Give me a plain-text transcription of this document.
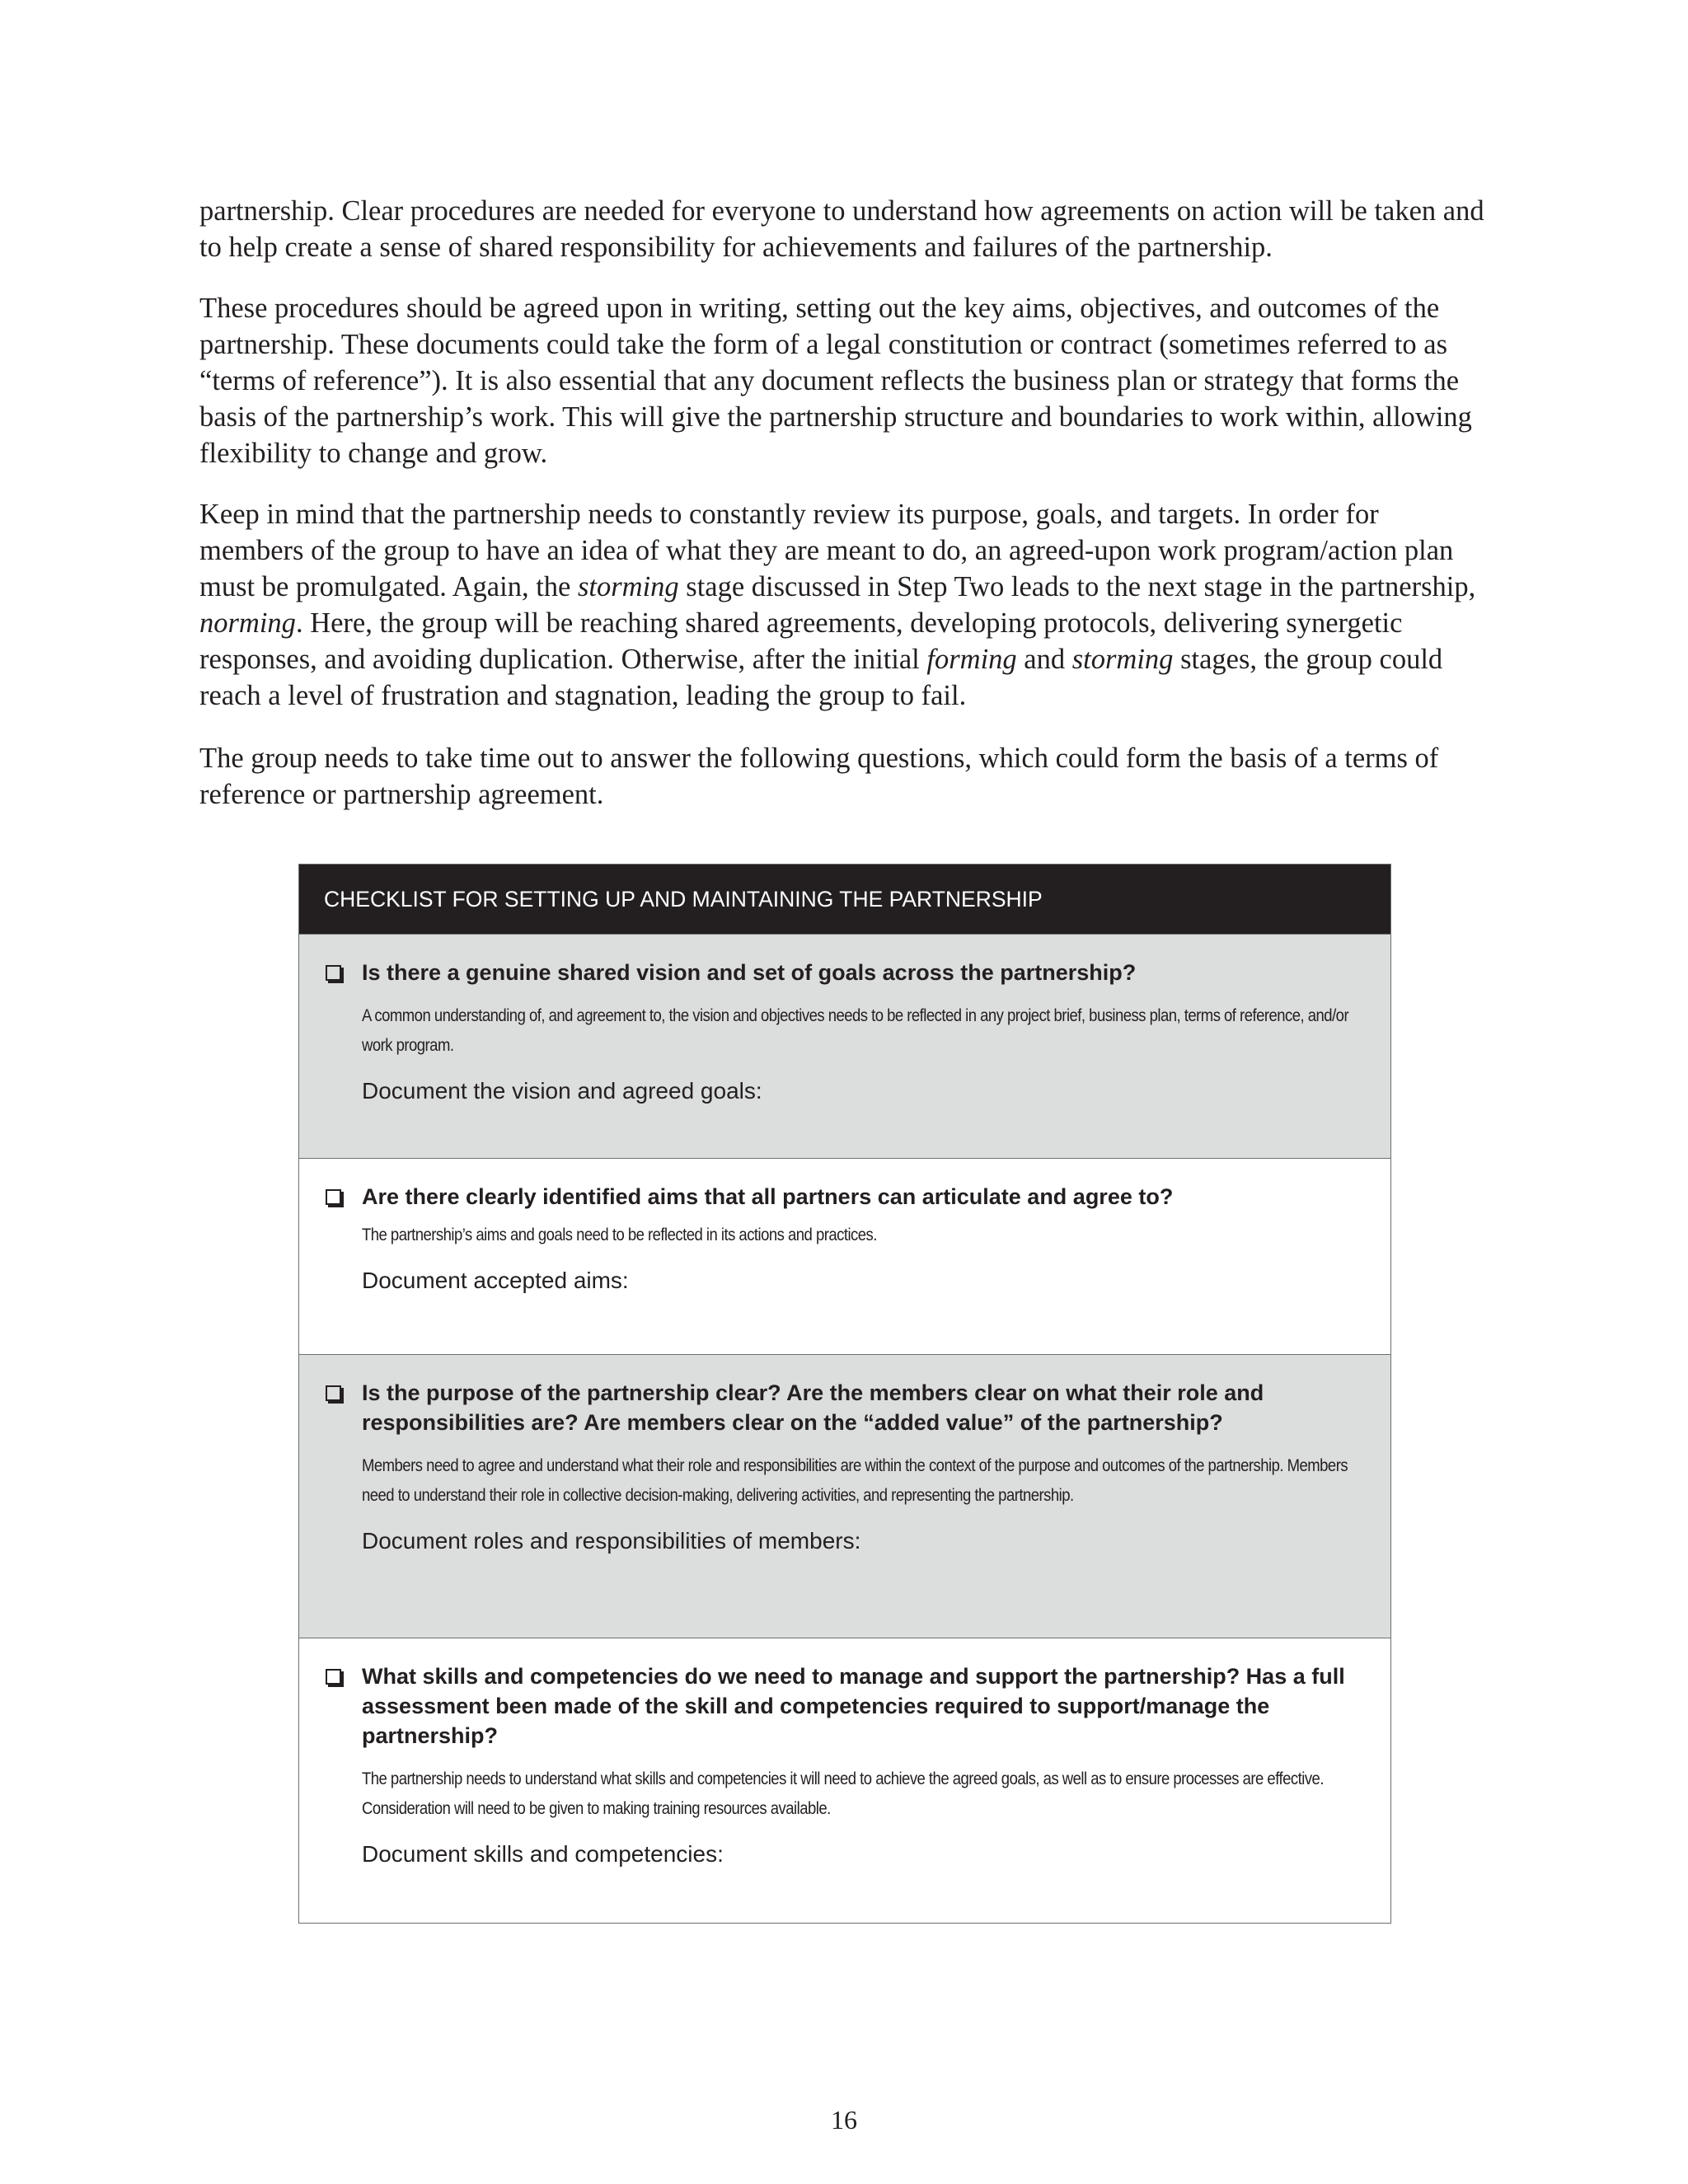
partnership. Clear procedures are needed for everyone to understand how agreements on action will be taken and to help create a sense of shared responsibility for achievements and failures of the partnership.

These procedures should be agreed upon in writing, setting out the key aims, objectives, and outcomes of the partnership. These documents could take the form of a legal constitution or contract (sometimes referred to as “terms of reference”). It is also essential that any document reflects the business plan or strategy that forms the basis of the partnership’s work. This will give the partnership structure and boundaries to work within, allowing flexibility to change and grow.

Keep in mind that the partnership needs to constantly review its purpose, goals, and targets. In order for members of the group to have an idea of what they are meant to do, an agreed-upon work program/action plan must be promulgated. Again, the storming stage discussed in Step Two leads to the next stage in the partnership, norming. Here, the group will be reaching shared agreements, developing protocols, delivering synergetic responses, and avoiding duplication. Otherwise, after the initial forming and storming stages, the group could reach a level of frustration and stagnation, leading the group to fail.

The group needs to take time out to answer the following questions, which could form the basis of a terms of reference or partnership agreement.

CHECKLIST FOR SETTING UP AND MAINTAINING THE PARTNERSHIP

Is there a genuine shared vision and set of goals across the partnership?

A common understanding of, and agreement to, the vision and objectives needs to be reflected in any project brief, business plan, terms of reference, and/or work program.

Document the vision and agreed goals:

Are there clearly identified aims that all partners can articulate and agree to?

The partnership’s aims and goals need to be reflected in its actions and practices.

Document accepted aims:

Is the purpose of the partnership clear? Are the members clear on what their role and responsibilities are? Are members clear on the “added value” of the partnership?

Members need to agree and understand what their role and responsibilities are within the context of the purpose and outcomes of the partnership. Members need to understand their role in collective decision-making, delivering activities, and representing the partnership.

Document roles and responsibilities of members:

What skills and competencies do we need to manage and support the partnership? Has a full assessment been made of the skill and competencies required to support/manage the partnership?

The partnership needs to understand what skills and competencies it will need to achieve the agreed goals, as well as to ensure processes are effective. Consideration will need to be given to making training resources available.

Document skills and competencies:

16
